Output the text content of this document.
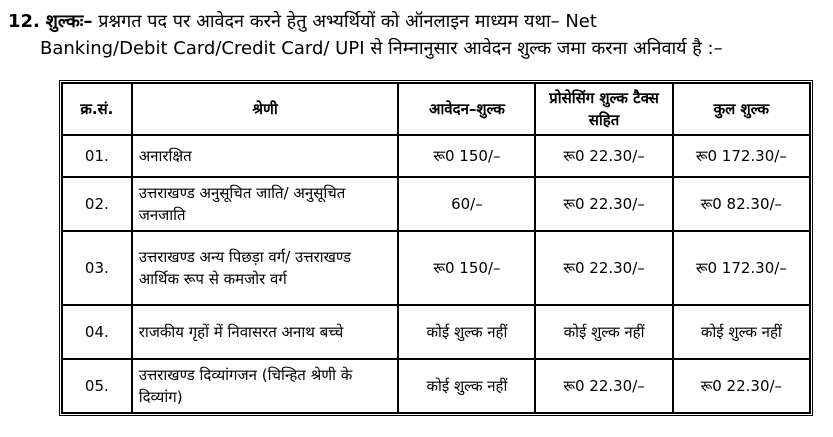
12. शुल्कः– प्रश्नगत पद पर आवेदन करने हेतु अभ्यर्थियों को ऑनलाइन माध्यम यथा– Net
Banking/Debit Card/Credit Card/ UPI से निम्नानुसार आवेदन शुल्क जमा करना अनिवार्य है :–
क्र.सं.	श्रेणी	आवेदन–शुल्क	प्रोसेसिंग शुल्क टैक्स सहित	कुल शुल्क
01.	अनारक्षित	रू0 150/–	रू0 22.30/–	रू0 172.30/–
02.	उत्तराखण्ड अनुसूचित जाति/ अनुसूचित जनजाति	60/–	रू0 22.30/–	रू0 82.30/–
03.	उत्तराखण्ड अन्य पिछड़ा वर्ग/ उत्तराखण्ड आर्थिक रूप से कमजोर वर्ग	रू0 150/–	रू0 22.30/–	रू0 172.30/–
04.	राजकीय गृहों में निवासरत अनाथ बच्चे	कोई शुल्क नहीं	कोई शुल्क नहीं	कोई शुल्क नहीं
05.	उत्तराखण्ड दिव्यांगजन (चिन्हित श्रेणी के दिव्यांग)	कोई शुल्क नहीं	रू0 22.30/–	रू0 22.30/–
